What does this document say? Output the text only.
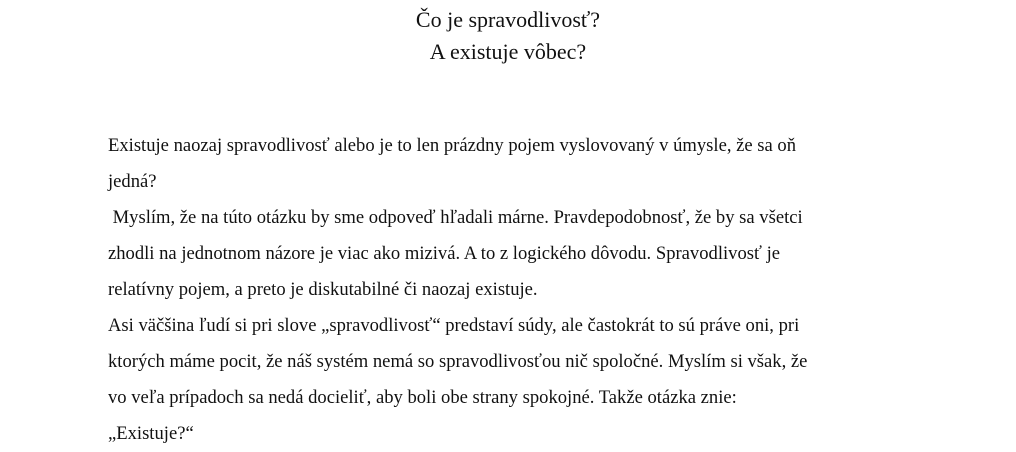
Čo je spravodlivosť?
A existuje vôbec?
Existuje naozaj spravodlivosť alebo je to len prázdny pojem vyslovovaný v úmysle, že sa oň
jedná?
Myslím, že na túto otázku by sme odpoveď hľadali márne. Pravdepodobnosť, že by sa všetci
zhodli na jednotnom názore je viac ako mizivá. A to z logického dôvodu. Spravodlivosť je
relatívny pojem, a preto je diskutabilné či naozaj existuje.
Asi väčšina ľudí si pri slove „spravodlivosť“ predstaví súdy, ale častokrát to sú práve oni, pri
ktorých máme pocit, že náš systém nemá so spravodlivosťou nič spoločné. Myslím si však, že
vo veľa prípadoch sa nedá docieliť, aby boli obe strany spokojné. Takže otázka znie:
„Existuje?“
